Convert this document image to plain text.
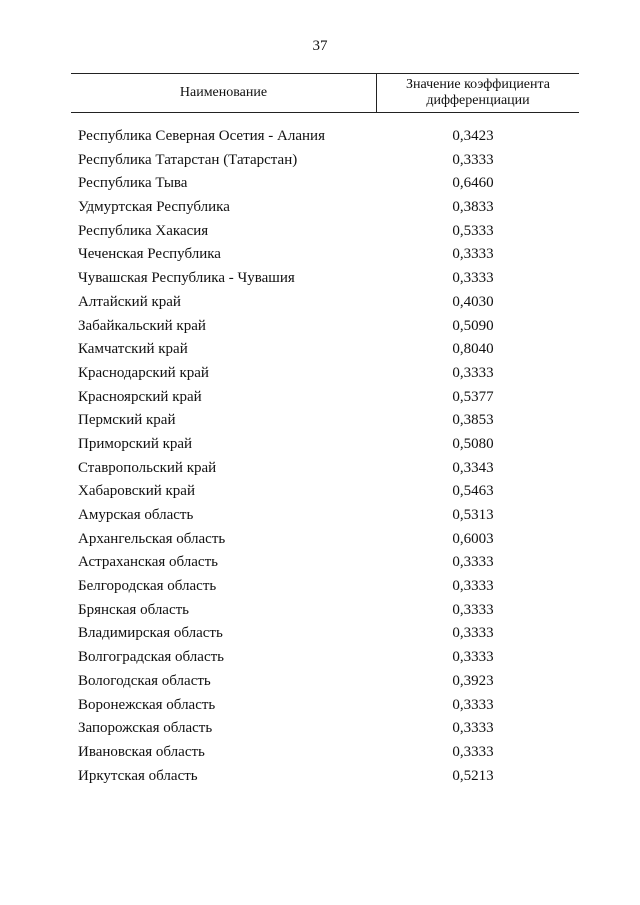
37
Наименование
Значение коэффициента дифференциации
Республика Северная Осетия - Алания	0,3423
Республика Татарстан (Татарстан)	0,3333
Республика Тыва	0,6460
Удмуртская Республика	0,3833
Республика Хакасия	0,5333
Чеченская Республика	0,3333
Чувашская Республика - Чувашия	0,3333
Алтайский край	0,4030
Забайкальский край	0,5090
Камчатский край	0,8040
Краснодарский край	0,3333
Красноярский край	0,5377
Пермский край	0,3853
Приморский край	0,5080
Ставропольский край	0,3343
Хабаровский край	0,5463
Амурская область	0,5313
Архангельская область	0,6003
Астраханская область	0,3333
Белгородская область	0,3333
Брянская область	0,3333
Владимирская область	0,3333
Волгоградская область	0,3333
Вологодская область	0,3923
Воронежская область	0,3333
Запорожская область	0,3333
Ивановская область	0,3333
Иркутская область	0,5213
